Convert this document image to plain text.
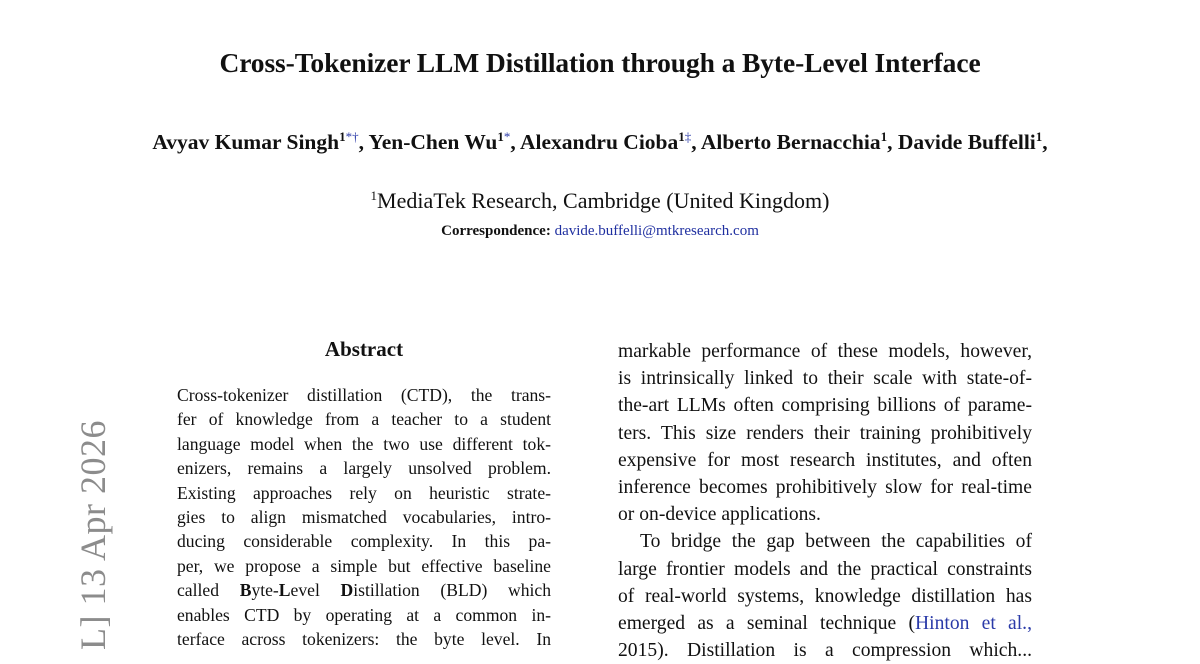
Cross-Tokenizer LLM Distillation through a Byte-Level Interface
Avyav Kumar Singh$^{1*\dagger}$, Yen-Chen $Wu^{1*}$, Alexandru Cioba$^{1\ddagger}$, Alberto Bernacchia$^1$, Davide Buffelli$^1$,
$^1$MediaTek Research, Cambridge (United Kingdom)
Correspondence: davide.buffelli@mtkresearch.com
L] 13 Apr 2026
Abstract
Cross-tokenizer distillation (CTD), the trans-
fer of knowledge from a teacher to a student
language model when the two use different tok-
enizers, remains a largely unsolved problem.
Existing approaches rely on heuristic strate-
gies to align mismatched vocabularies, intro-
ducing considerable complexity. In this pa-
per, we propose a simple but effective baseline
called Byte-Level Distillation (BLD) which
enables CTD by operating at a common in-
terface across tokenizers: the byte level. In
markable performance of these models, however,
is intrinsically linked to their scale with state-of-
the-art LLMs often comprising billions of parame-
ters. This size renders their training prohibitively
expensive for most research institutes, and often
inference becomes prohibitively slow for real-time
or on-device applications.
To bridge the gap between the capabilities of
large frontier models and the practical constraints
of real-world systems, knowledge distillation has
emerged as a seminal technique (Hinton et al.,
2015). Distillation is a compression which...
